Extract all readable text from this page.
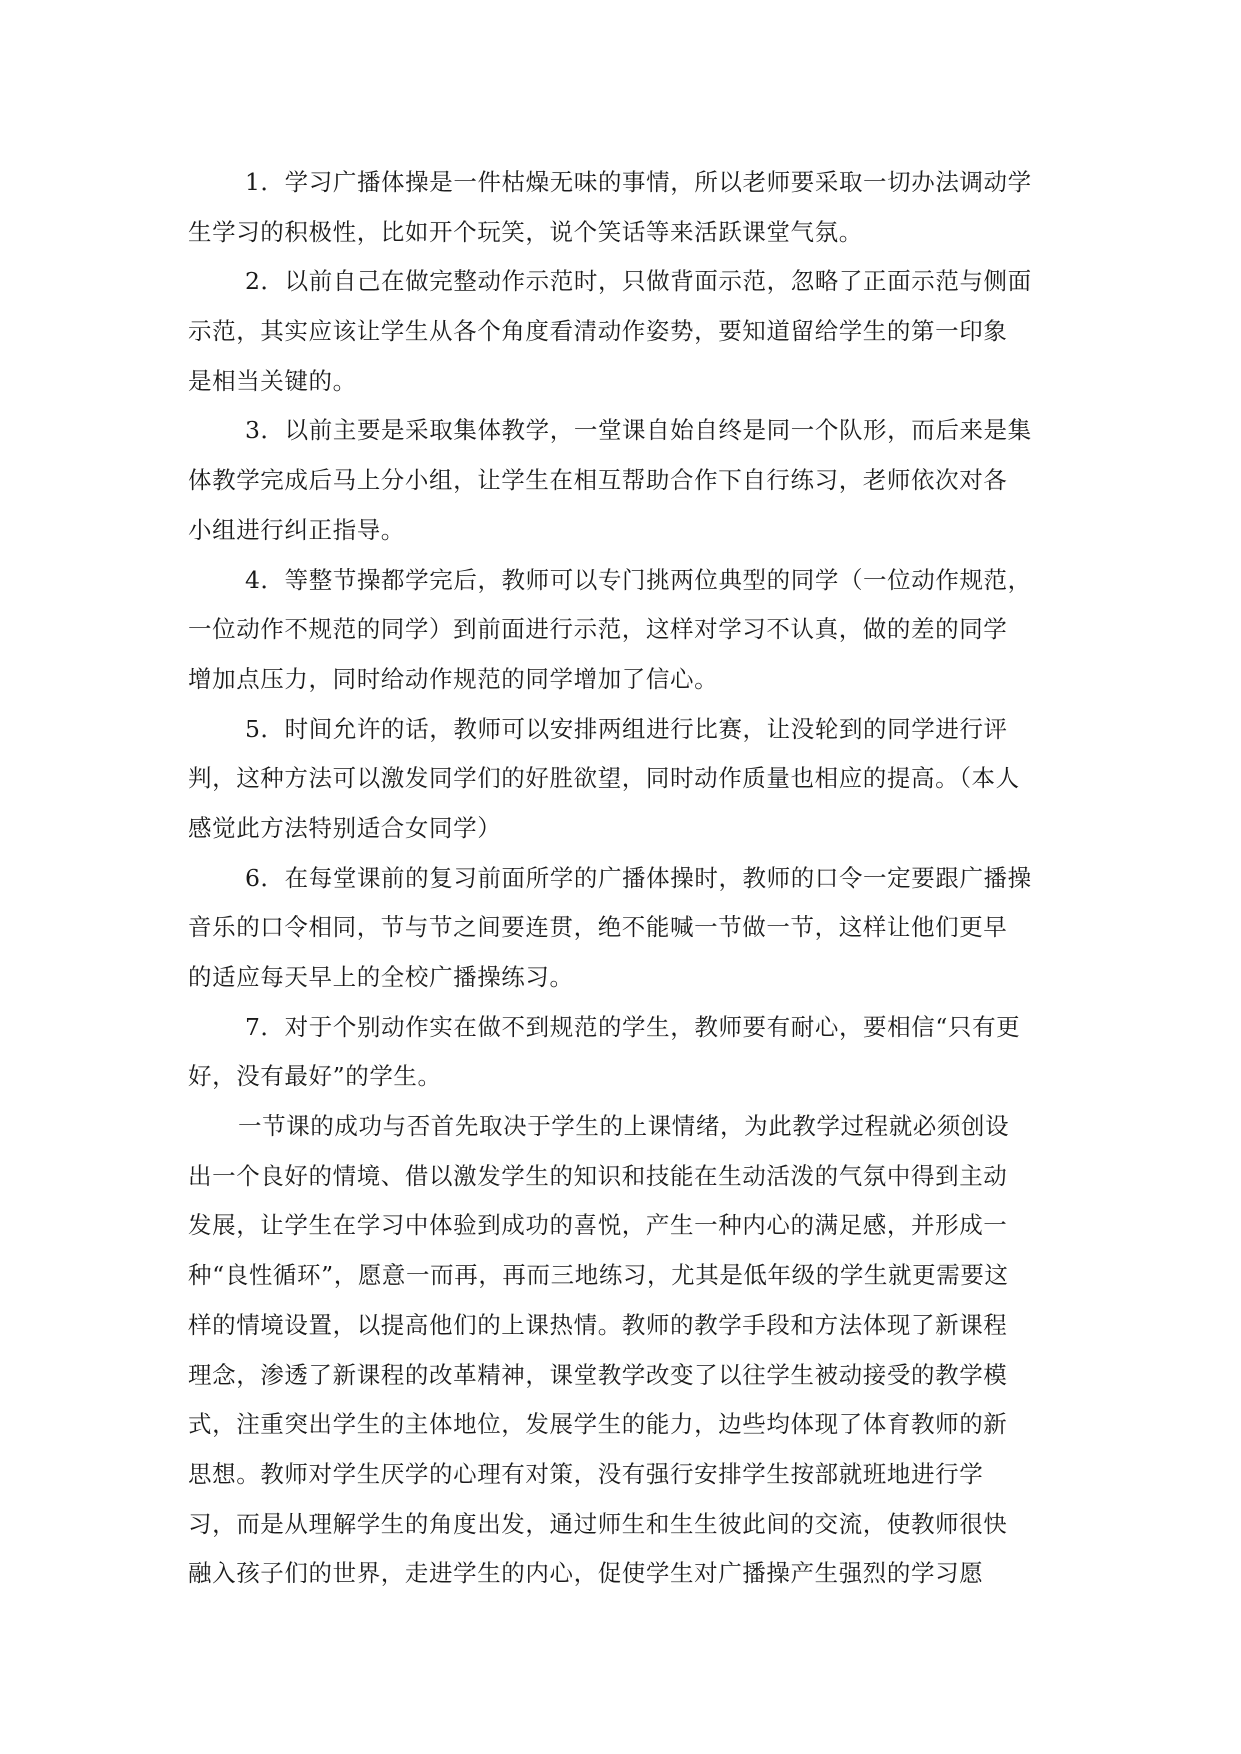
1．学习广播体操是一件枯燥无味的事情，所以老师要采取一切办法调动学
生学习的积极性，比如开个玩笑，说个笑话等来活跃课堂气氛。
2．以前自己在做完整动作示范时，只做背面示范，忽略了正面示范与侧面
示范，其实应该让学生从各个角度看清动作姿势，要知道留给学生的第一印象
是相当关键的。
3．以前主要是采取集体教学，一堂课自始自终是同一个队形，而后来是集
体教学完成后马上分小组，让学生在相互帮助合作下自行练习，老师依次对各
小组进行纠正指导。
4．等整节操都学完后，教师可以专门挑两位典型的同学（一位动作规范，
一位动作不规范的同学）到前面进行示范，这样对学习不认真，做的差的同学
增加点压力，同时给动作规范的同学增加了信心。
5．时间允许的话，教师可以安排两组进行比赛，让没轮到的同学进行评
判，这种方法可以激发同学们的好胜欲望，同时动作质量也相应的提高。（本人
感觉此方法特别适合女同学）
6．在每堂课前的复习前面所学的广播体操时，教师的口令一定要跟广播操
音乐的口令相同，节与节之间要连贯，绝不能喊一节做一节，这样让他们更早
的适应每天早上的全校广播操练习。
7．对于个别动作实在做不到规范的学生，教师要有耐心，要相信“只有更
好，没有最好”的学生。
一节课的成功与否首先取决于学生的上课情绪，为此教学过程就必须创设
出一个良好的情境、借以激发学生的知识和技能在生动活泼的气氛中得到主动
发展，让学生在学习中体验到成功的喜悦，产生一种内心的满足感，并形成一
种“良性循环”，愿意一而再，再而三地练习，尤其是低年级的学生就更需要这
样的情境设置，以提高他们的上课热情。教师的教学手段和方法体现了新课程
理念，渗透了新课程的改革精神，课堂教学改变了以往学生被动接受的教学模
式，注重突出学生的主体地位，发展学生的能力，边些均体现了体育教师的新
思想。教师对学生厌学的心理有对策，没有强行安排学生按部就班地进行学
习，而是从理解学生的角度出发，通过师生和生生彼此间的交流，使教师很快
融入孩子们的世界，走进学生的内心，促使学生对广播操产生强烈的学习愿
